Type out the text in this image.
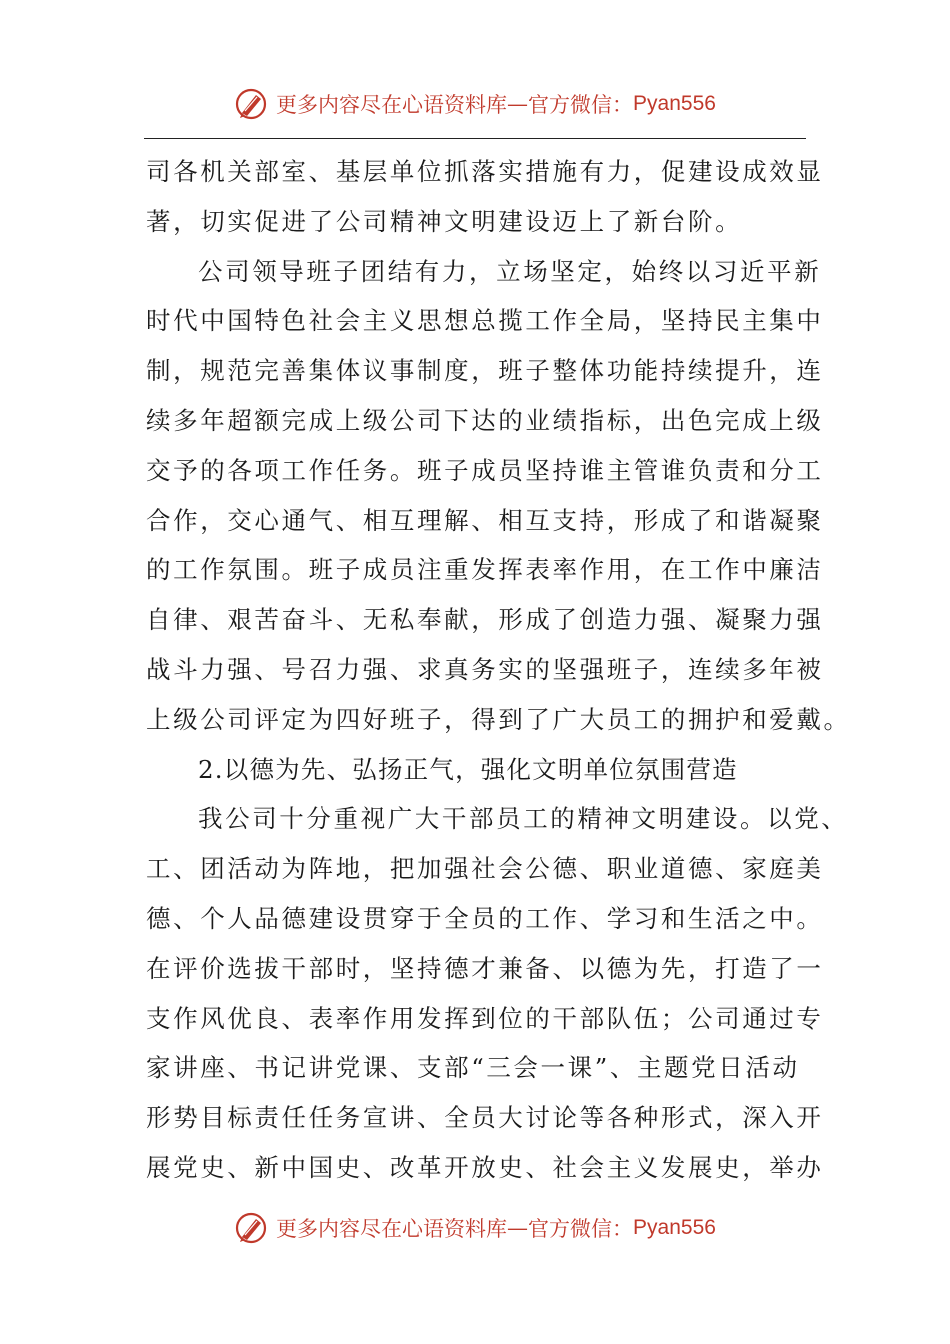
更多内容尽在心语资料库 — 官方微信： Pyan556
司各机关部室、基层单位抓落实措施有力，促建设成效显
著，切实促进了公司精神文明建设迈上了新台阶。
公司领导班子团结有力，立场坚定，始终以习近平新
时代中国特色社会主义思想总揽工作全局，坚持民主集中
制，规范完善集体议事制度，班子整体功能持续提升，连
续多年超额完成上级公司下达的业绩指标，出色完成上级
交予的各项工作任务。班子成员坚持谁主管谁负责和分工
合作，交心通气、相互理解、相互支持，形成了和谐凝聚
的工作氛围。班子成员注重发挥表率作用，在工作中廉洁
自律、艰苦奋斗、无私奉献，形成了创造力强、凝聚力强
战斗力强、号召力强、求真务实的坚强班子，连续多年被
上级公司评定为四好班子，得到了广大员工的拥护和爱戴。
2.以德为先、弘扬正气，强化文明单位氛围营造
我公司十分重视广大干部员工的精神文明建设。以党、
工、团活动为阵地，把加强社会公德、职业道德、家庭美
德、个人品德建设贯穿于全员的工作、学习和生活之中。
在评价选拔干部时，坚持德才兼备、以德为先，打造了一
支作风优良、表率作用发挥到位的干部队伍；公司通过专
家讲座、书记讲党课、支部“三会一课”、主题党日活动
形势目标责任任务宣讲、全员大讨论等各种形式，深入开
展党史、新中国史、改革开放史、社会主义发展史，举办
更多内容尽在心语资料库 — 官方微信： Pyan556
